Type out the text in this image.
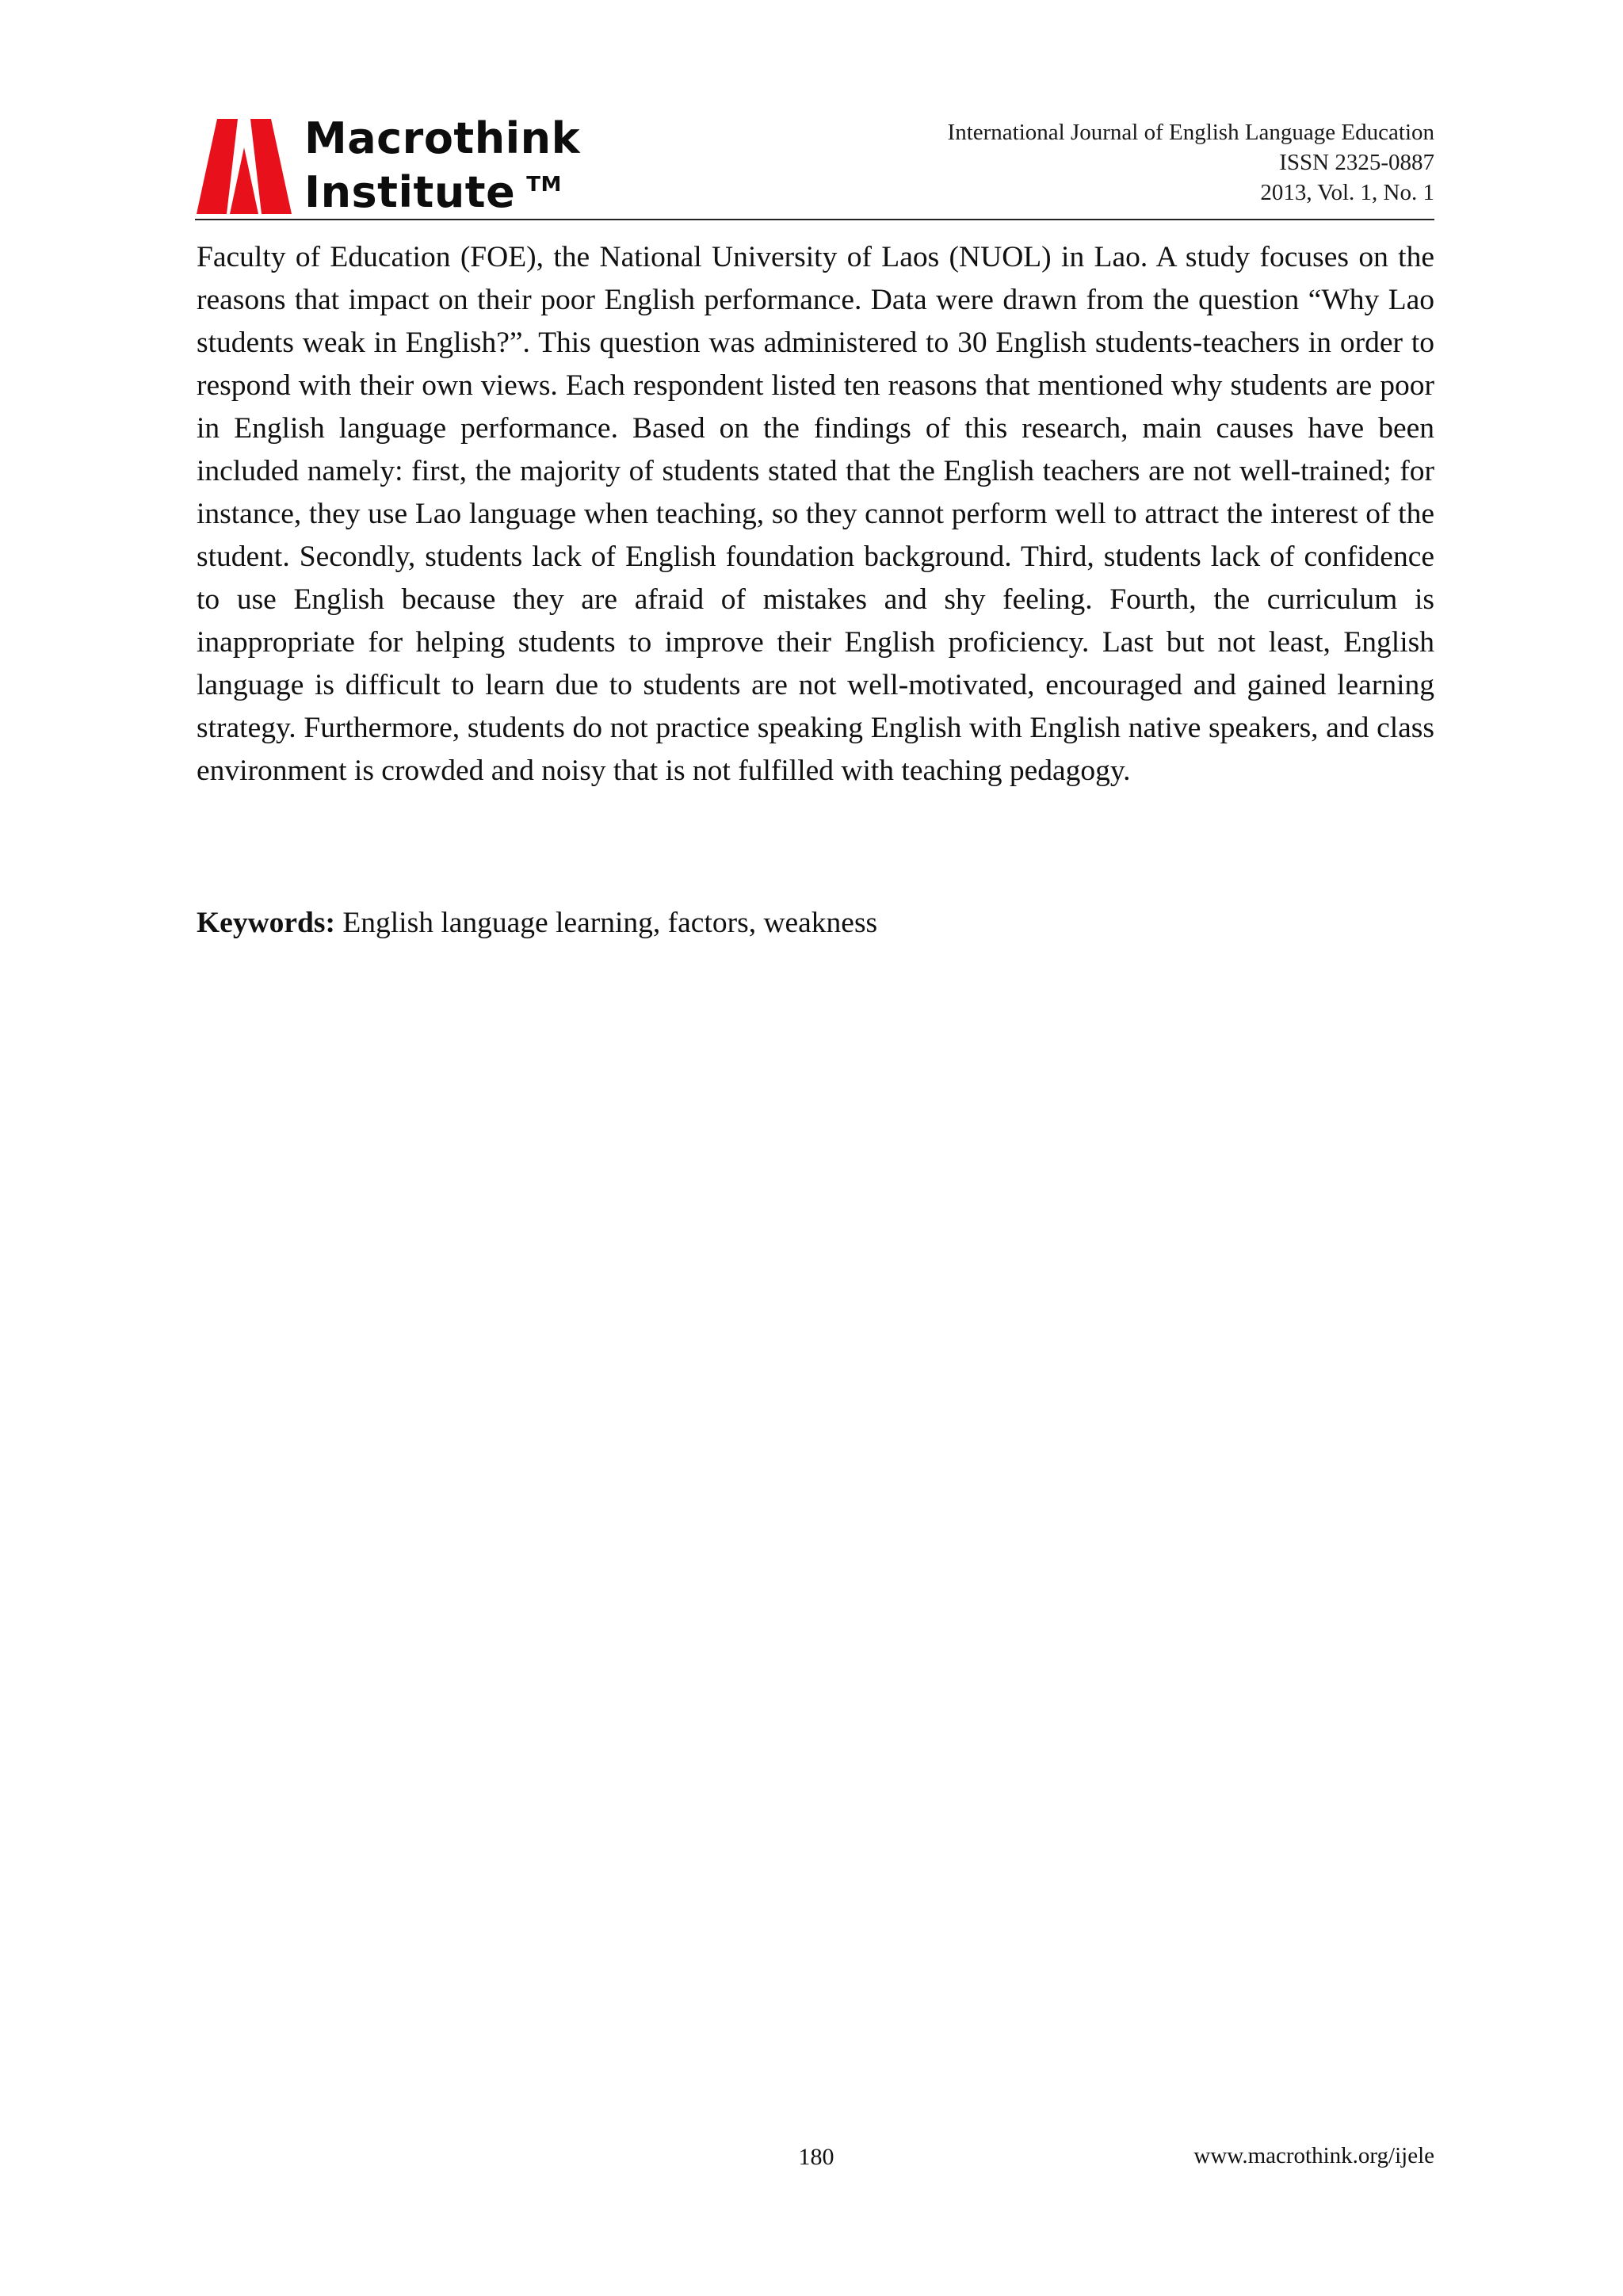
Macrothink
Institute ™
International Journal of English Language Education
ISSN 2325-0887
2013, Vol. 1, No. 1

Faculty of Education (FOE), the National University of Laos (NUOL) in Lao. A study focuses on the reasons that impact on their poor English performance. Data were drawn from the question “Why Lao students weak in English?”. This question was administered to 30 English students-teachers in order to respond with their own views. Each respondent listed ten reasons that mentioned why students are poor in English language performance. Based on the findings of this research, main causes have been included namely: first, the majority of students stated that the English teachers are not well-trained; for instance, they use Lao language when teaching, so they cannot perform well to attract the interest of the student. Secondly, students lack of English foundation background. Third, students lack of confidence to use English because they are afraid of mistakes and shy feeling. Fourth, the curriculum is inappropriate for helping students to improve their English proficiency. Last but not least, English language is difficult to learn due to students are not well-motivated, encouraged and gained learning strategy. Furthermore, students do not practice speaking English with English native speakers, and class environment is crowded and noisy that is not fulfilled with teaching pedagogy.

Keywords: English language learning, factors, weakness

180	www.macrothink.org/ijele
